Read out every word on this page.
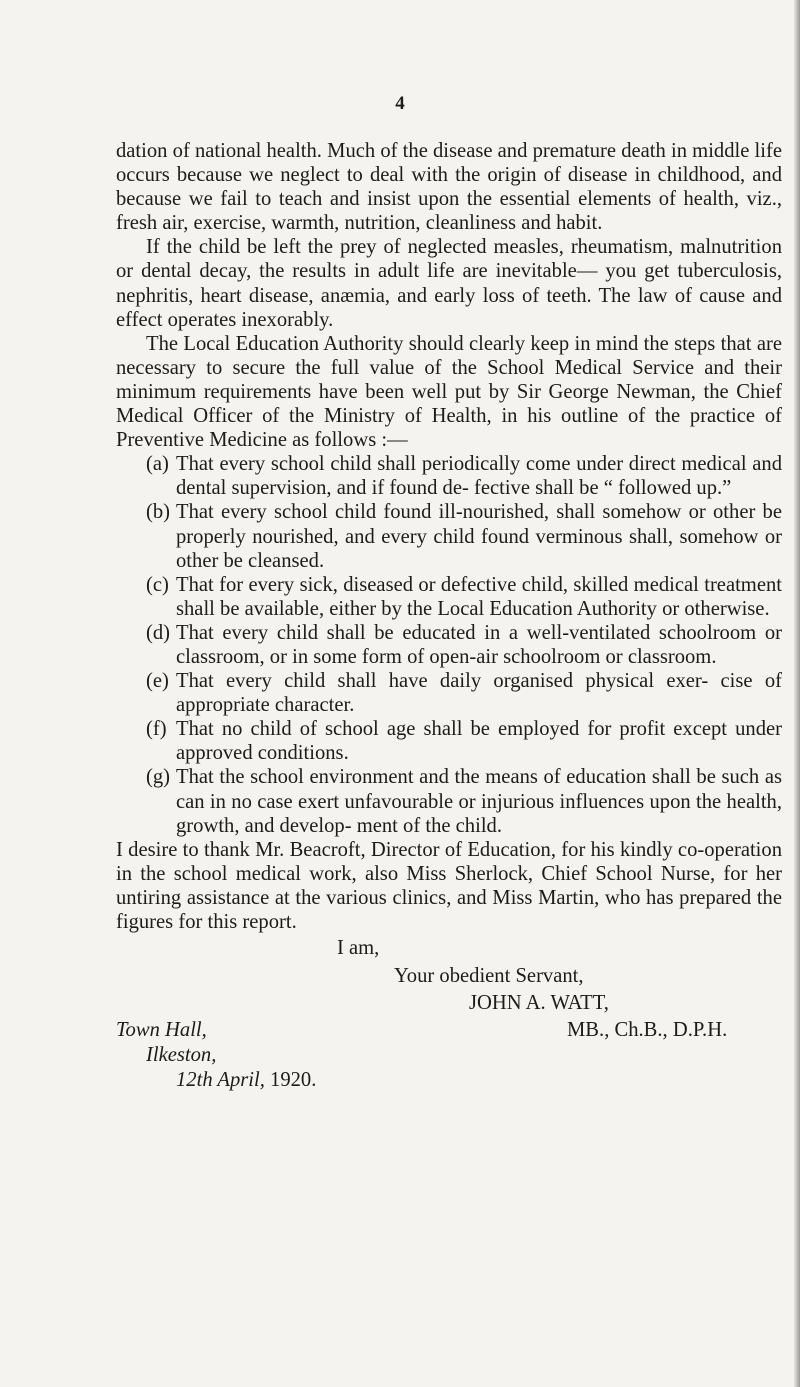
4

dation of national health. Much of the disease and premature death in middle life occurs because we neglect to deal with the origin of disease in childhood, and because we fail to teach and insist upon the essential elements of health, viz., fresh air, exercise, warmth, nutrition, cleanliness and habit.

If the child be left the prey of neglected measles, rheumatism, malnutrition or dental decay, the results in adult life are inevitable— you get tuberculosis, nephritis, heart disease, anæmia, and early loss of teeth. The law of cause and effect operates inexorably.

The Local Education Authority should clearly keep in mind the steps that are necessary to secure the full value of the School Medical Service and their minimum requirements have been well put by Sir George Newman, the Chief Medical Officer of the Ministry of Health, in his outline of the practice of Preventive Medicine as follows :—

(a) That every school child shall periodically come under direct medical and dental supervision, and if found de- fective shall be “ followed up.”
(b) That every school child found ill-nourished, shall somehow or other be properly nourished, and every child found verminous shall, somehow or other be cleansed.
(c) That for every sick, diseased or defective child, skilled medical treatment shall be available, either by the Local Education Authority or otherwise.
(d) That every child shall be educated in a well-ventilated schoolroom or classroom, or in some form of open-air schoolroom or classroom.
(e) That every child shall have daily organised physical exer- cise of appropriate character.
(f) That no child of school age shall be employed for profit except under approved conditions.
(g) That the school environment and the means of education shall be such as can in no case exert unfavourable or injurious influences upon the health, growth, and develop- ment of the child.

I desire to thank Mr. Beacroft, Director of Education, for his kindly co-operation in the school medical work, also Miss Sherlock, Chief School Nurse, for her untiring assistance at the various clinics, and Miss Martin, who has prepared the figures for this report.

I am,
Your obedient Servant,
JOHN A. WATT,
MB., Ch.B., D.P.H.
Town Hall,
Ilkeston,
12th April, 1920.
